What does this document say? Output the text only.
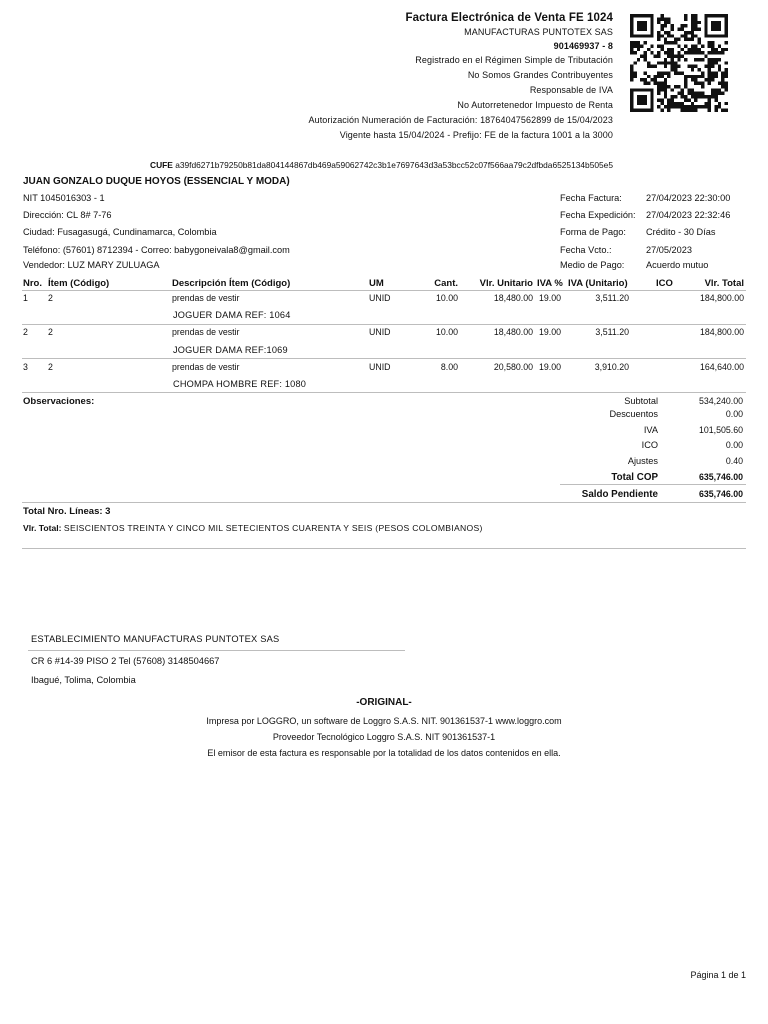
Factura Electrónica de Venta FE 1024
MANUFACTURAS PUNTOTEX SAS
901469937 - 8
Registrado en el Régimen Simple de Tributación
No Somos Grandes Contribuyentes
Responsable de IVA
No Autorretenedor Impuesto de Renta
Autorización Numeración de Facturación: 18764047562899 de 15/04/2023
Vigente hasta 15/04/2024 - Prefijo: FE de la factura 1001 a la 3000
CUFE a39fd6271b79250b81da804144867db469a59062742c3b1e7697643d3a53bcc52c07f566aa79c2dfbda6525134b505e5
JUAN GONZALO DUQUE HOYOS (ESSENCIAL Y MODA)
NIT 1045016303 - 1
Dirección: CL 8# 7-76
Ciudad: Fusagasugá, Cundinamarca, Colombia
Teléfono: (57601) 8712394 - Correo: babygoneivala8@gmail.com
Vendedor: LUZ MARY ZULUAGA
Fecha Factura:	27/04/2023 22:30:00
Fecha Expedición: 27/04/2023 22:32:46
Forma de Pago: Crédito - 30 Días
Fecha Vcto.:	27/05/2023
Medio de Pago: Acuerdo mutuo
Nro. Ítem (Código)	Descripción Ítem (Código)	UM	Cant. Vlr. Unitario IVA % IVA (Unitario)	ICO	Vlr. Total
1 2	prendas de vestir	UNID	10.00	18,480.00 19.00	3,511.20	184,800.00
JOGUER DAMA REF: 1064
2 2	prendas de vestir	UNID	10.00	18,480.00 19.00	3,511.20	184,800.00
JOGUER DAMA REF:1069
3 2	prendas de vestir	UNID	8.00	20,580.00 19.00	3,910.20	164,640.00
CHOMPA HOMBRE REF: 1080
Observaciones:	Subtotal	534,240.00
Descuentos	0.00
IVA	101,505.60
ICO	0.00
Ajustes	0.40
Total COP	635,746.00
Saldo Pendiente	635,746.00
Total Nro. Líneas: 3
Vlr. Total: SEISCIENTOS TREINTA Y CINCO MIL SETECIENTOS CUARENTA Y SEIS (PESOS COLOMBIANOS)
ESTABLECIMIENTO MANUFACTURAS PUNTOTEX SAS
CR 6 #14-39 PISO 2 Tel (57608) 3148504667
Ibagué, Tolima, Colombia
-ORIGINAL-
Impresa por LOGGRO, un software de Loggro S.A.S. NIT. 901361537-1 www.loggro.com
Proveedor Tecnológico Loggro S.A.S. NIT 901361537-1
El emisor de esta factura es responsable por la totalidad de los datos contenidos en ella.
Página 1 de 1
